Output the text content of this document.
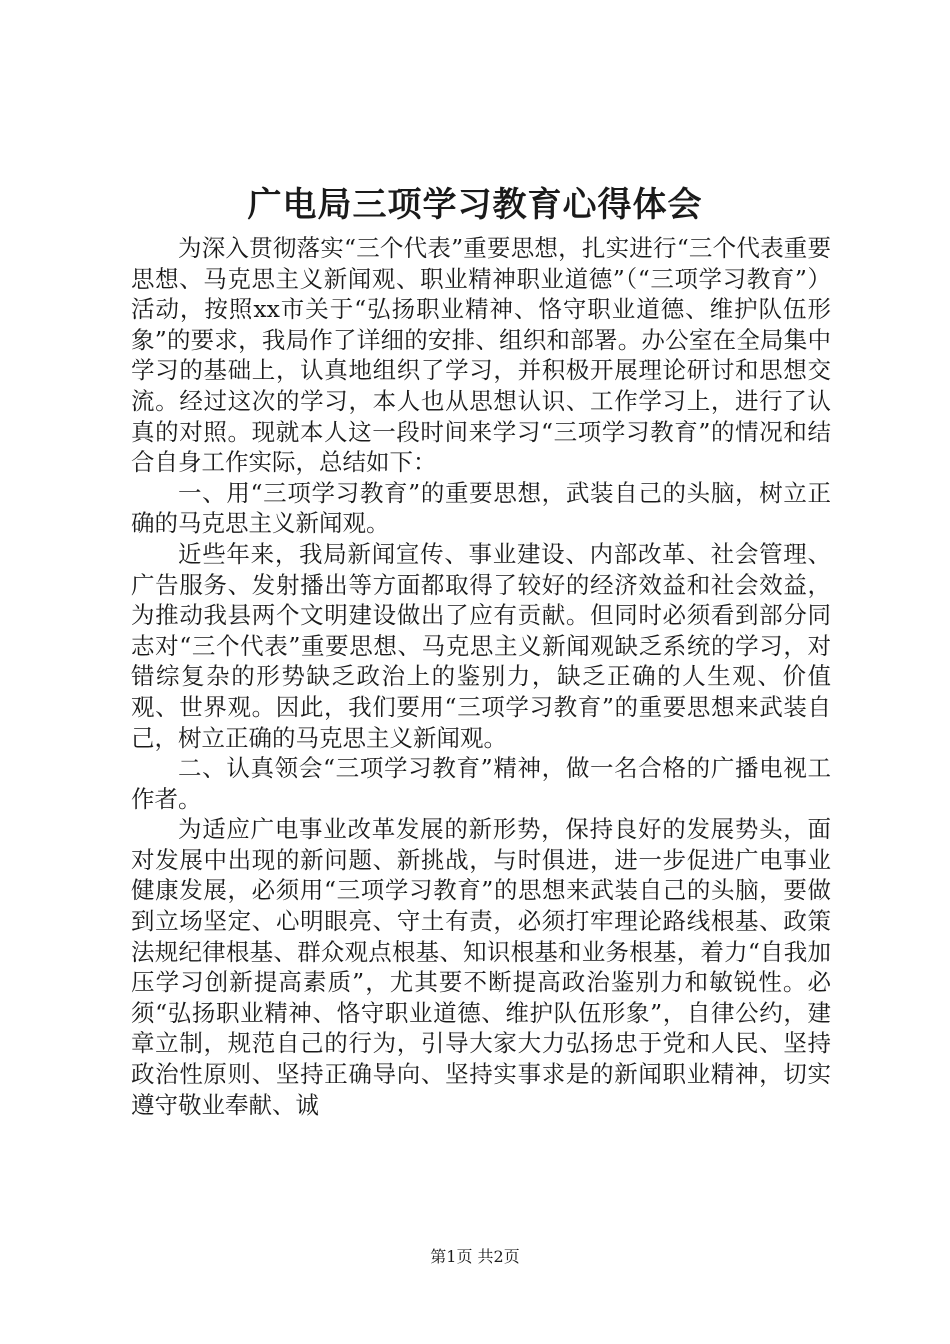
广电局三项学习教育心得体会

为深入贯彻落实“三个代表”重要思想，扎实进行“三个代表重要思想、马克思主义新闻观、职业精神职业道德”（“三项学习教育”）活动，按照xx市关于“弘扬职业精神、恪守职业道德、维护队伍形象”的要求，我局作了详细的安排、组织和部署。办公室在全局集中学习的基础上，认真地组织了学习，并积极开展理论研讨和思想交流。经过这次的学习，本人也从思想认识、工作学习上，进行了认真的对照。现就本人这一段时间来学习“三项学习教育”的情况和结合自身工作实际，总结如下：

一、用“三项学习教育”的重要思想，武装自己的头脑，树立正确的马克思主义新闻观。

近些年来，我局新闻宣传、事业建设、内部改革、社会管理、广告服务、发射播出等方面都取得了较好的经济效益和社会效益，为推动我县两个文明建设做出了应有贡献。但同时必须看到部分同志对“三个代表”重要思想、马克思主义新闻观缺乏系统的学习，对错综复杂的形势缺乏政治上的鉴别力，缺乏正确的人生观、价值观、世界观。因此，我们要用“三项学习教育”的重要思想来武装自己，树立正确的马克思主义新闻观。

二、认真领会“三项学习教育”精神，做一名合格的广播电视工作者。

为适应广电事业改革发展的新形势，保持良好的发展势头，面对发展中出现的新问题、新挑战，与时俱进，进一步促进广电事业健康发展，必须用“三项学习教育”的思想来武装自己的头脑，要做到立场坚定、心明眼亮、守土有责，必须打牢理论路线根基、政策法规纪律根基、群众观点根基、知识根基和业务根基，着力“自我加压学习创新提高素质”，尤其要不断提高政治鉴别力和敏锐性。必须“弘扬职业精神、恪守职业道德、维护队伍形象”，自律公约，建章立制，规范自己的行为，引导大家大力弘扬忠于党和人民、坚持政治性原则、坚持正确导向、坚持实事求是的新闻职业精神，切实遵守敬业奉献、诚

第1页 共2页
